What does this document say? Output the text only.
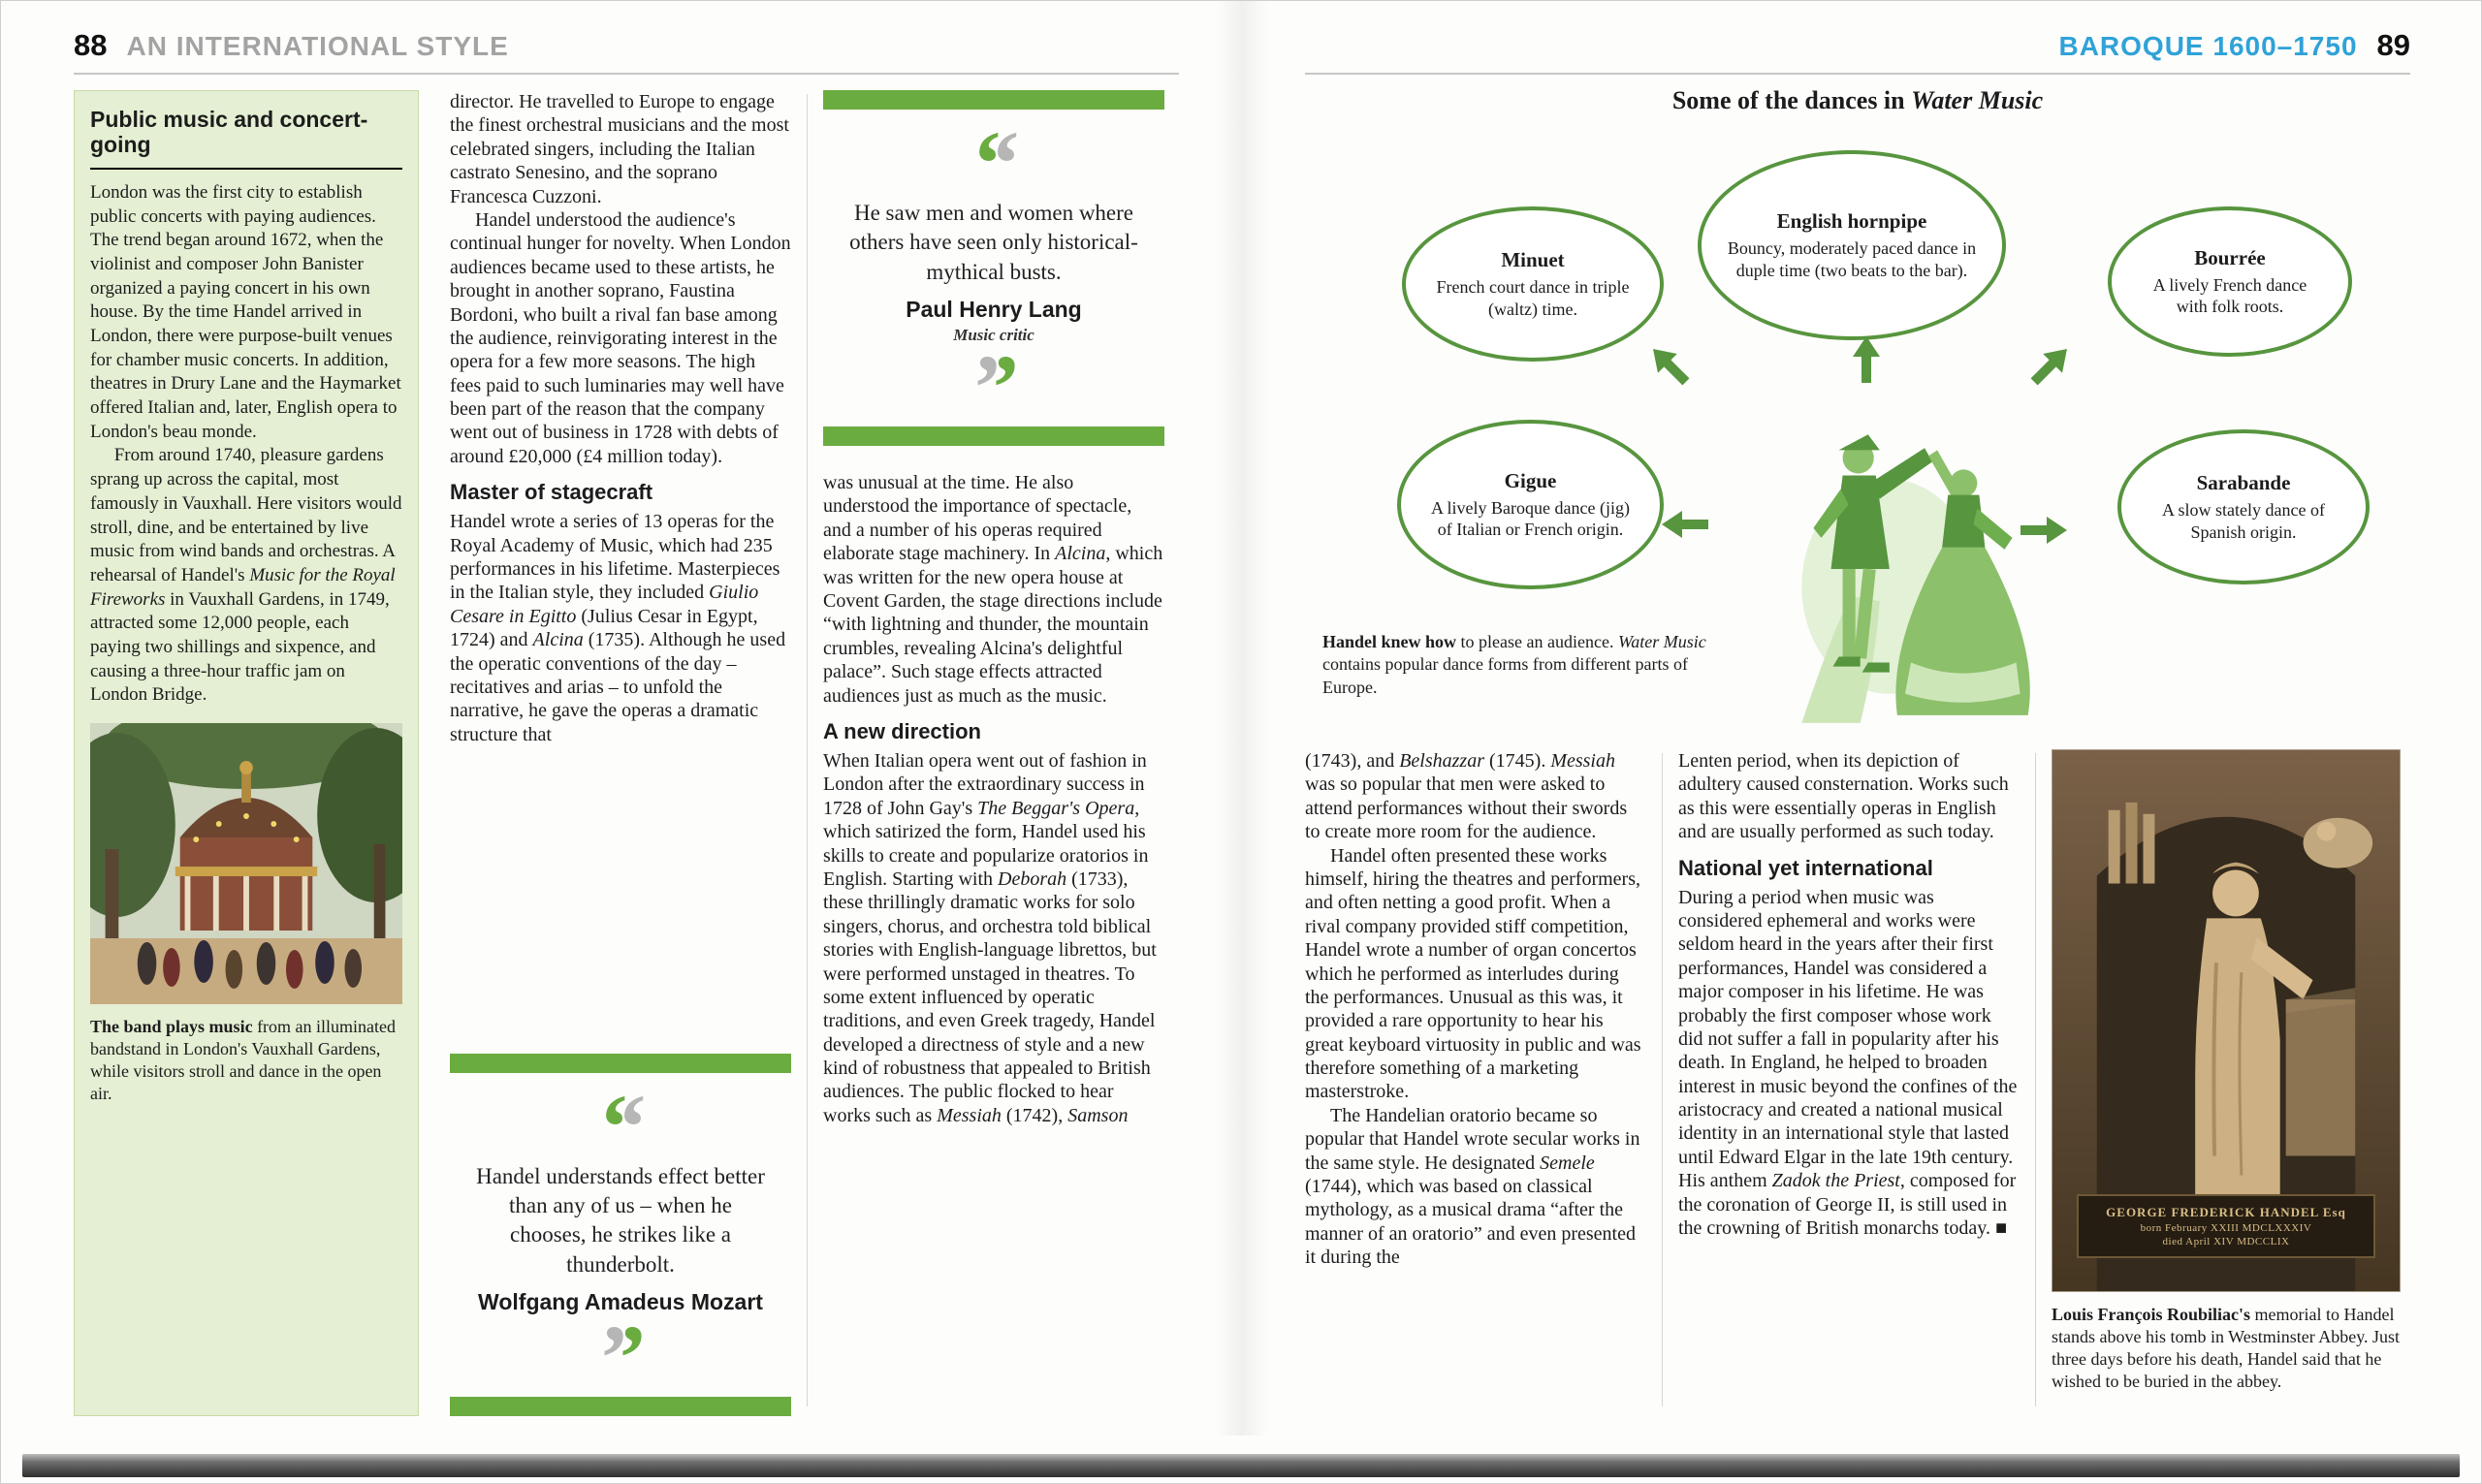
88 AN INTERNATIONAL STYLE
Public music and concert-going

London was the first city to establish public concerts with paying audiences. The trend began around 1672, when the violinist and composer John Banister organized a paying concert in his own house. By the time Handel arrived in London, there were purpose-built venues for chamber music concerts. In addition, theatres in Drury Lane and the Haymarket offered Italian and, later, English opera to London's beau monde.

From around 1740, pleasure gardens sprang up across the capital, most famously in Vauxhall. Here visitors would stroll, dine, and be entertained by live music from wind bands and orchestras. A rehearsal of Handel's Music for the Royal Fireworks in Vauxhall Gardens, in 1749, attracted some 12,000 people, each paying two shillings and sixpence, and causing a three-hour traffic jam on London Bridge.

The band plays music from an illuminated bandstand in London's Vauxhall Gardens, while visitors stroll and dance in the open air.

director. He travelled to Europe to engage the finest orchestral musicians and the most celebrated singers, including the Italian castrato Senesino, and the soprano Francesca Cuzzoni.

Handel understood the audience's continual hunger for novelty. When London audiences became used to these artists, he brought in another soprano, Faustina Bordoni, who built a rival fan base among the audience, reinvigorating interest in the opera for a few more seasons. The high fees paid to such luminaries may well have been part of the reason that the company went out of business in 1728 with debts of around £20,000 (£4 million today).

Master of stagecraft

Handel wrote a series of 13 operas for the Royal Academy of Music, which had 235 performances in his lifetime. Masterpieces in the Italian style, they included Giulio Cesare in Egitto (Julius Cesar in Egypt, 1724) and Alcina (1735). Although he used the operatic conventions of the day – recitatives and arias – to unfold the narrative, he gave the operas a dramatic structure that

‘‘
Handel understands effect better than any of us – when he chooses, he strikes like a thunderbolt.
Wolfgang Amadeus Mozart
’’
‘‘
He saw men and women where others have seen only historical-mythical busts.
Paul Henry Lang
Music critic
’’

was unusual at the time. He also understood the importance of spectacle, and a number of his operas required elaborate stage machinery. In Alcina, which was written for the new opera house at Covent Garden, the stage directions include “with lightning and thunder, the mountain crumbles, revealing Alcina's delightful palace”. Such stage effects attracted audiences just as much as the music.

A new direction

When Italian opera went out of fashion in London after the extraordinary success in 1728 of John Gay's The Beggar's Opera, which satirized the form, Handel used his skills to create and popularize oratorios in English. Starting with Deborah (1733), these thrillingly dramatic works for solo singers, chorus, and orchestra told biblical stories with English-language librettos, but were performed unstaged in theatres. To some extent influenced by operatic traditions, and even Greek tragedy, Handel developed a directness of style and a new kind of robustness that appealed to British audiences. The public flocked to hear works such as Messiah (1742), Samson

BAROQUE 1600–1750 89
Some of the dances in Water Music
Minuet
French court dance in triple (waltz) time.
English hornpipe
Bouncy, moderately paced dance in duple time (two beats to the bar).
Bourrée
A lively French dance with folk roots.
Gigue
A lively Baroque dance (jig) of Italian or French origin.
Sarabande
A slow stately dance of Spanish origin.
Handel knew how to please an audience. Water Music contains popular dance forms from different parts of Europe.

(1743), and Belshazzar (1745). Messiah was so popular that men were asked to attend performances without their swords to create more room for the audience.

Handel often presented these works himself, hiring the theatres and performers, and often netting a good profit. When a rival company provided stiff competition, Handel wrote a number of organ concertos which he performed as interludes during the performances. Unusual as this was, it provided a rare opportunity to hear his great keyboard virtuosity in public and was therefore something of a marketing masterstroke.

The Handelian oratorio became so popular that Handel wrote secular works in the same style. He designated Semele (1744), which was based on classical mythology, as a musical drama “after the manner of an oratorio” and even presented it during the

Lenten period, when its depiction of adultery caused consternation. Works such as this were essentially operas in English and are usually performed as such today.

National yet international

During a period when music was considered ephemeral and works were seldom heard in the years after their first performances, Handel was considered a major composer in his lifetime. He was probably the first composer whose work did not suffer a fall in popularity after his death. In England, he helped to broaden interest in music beyond the confines of the aristocracy and created a national musical identity in an international style that lasted until Edward Elgar in the late 19th century. His anthem Zadok the Priest, composed for the coronation of George II, is still used in the crowning of British monarchs today. ■

GEORGE FREDERICK HANDEL Esq
born February XXIII MDCLXXXIV
died April XIV MDCCLIX
Louis François Roubiliac's memorial to Handel stands above his tomb in Westminster Abbey. Just three days before his death, Handel said that he wished to be buried in the abbey.
